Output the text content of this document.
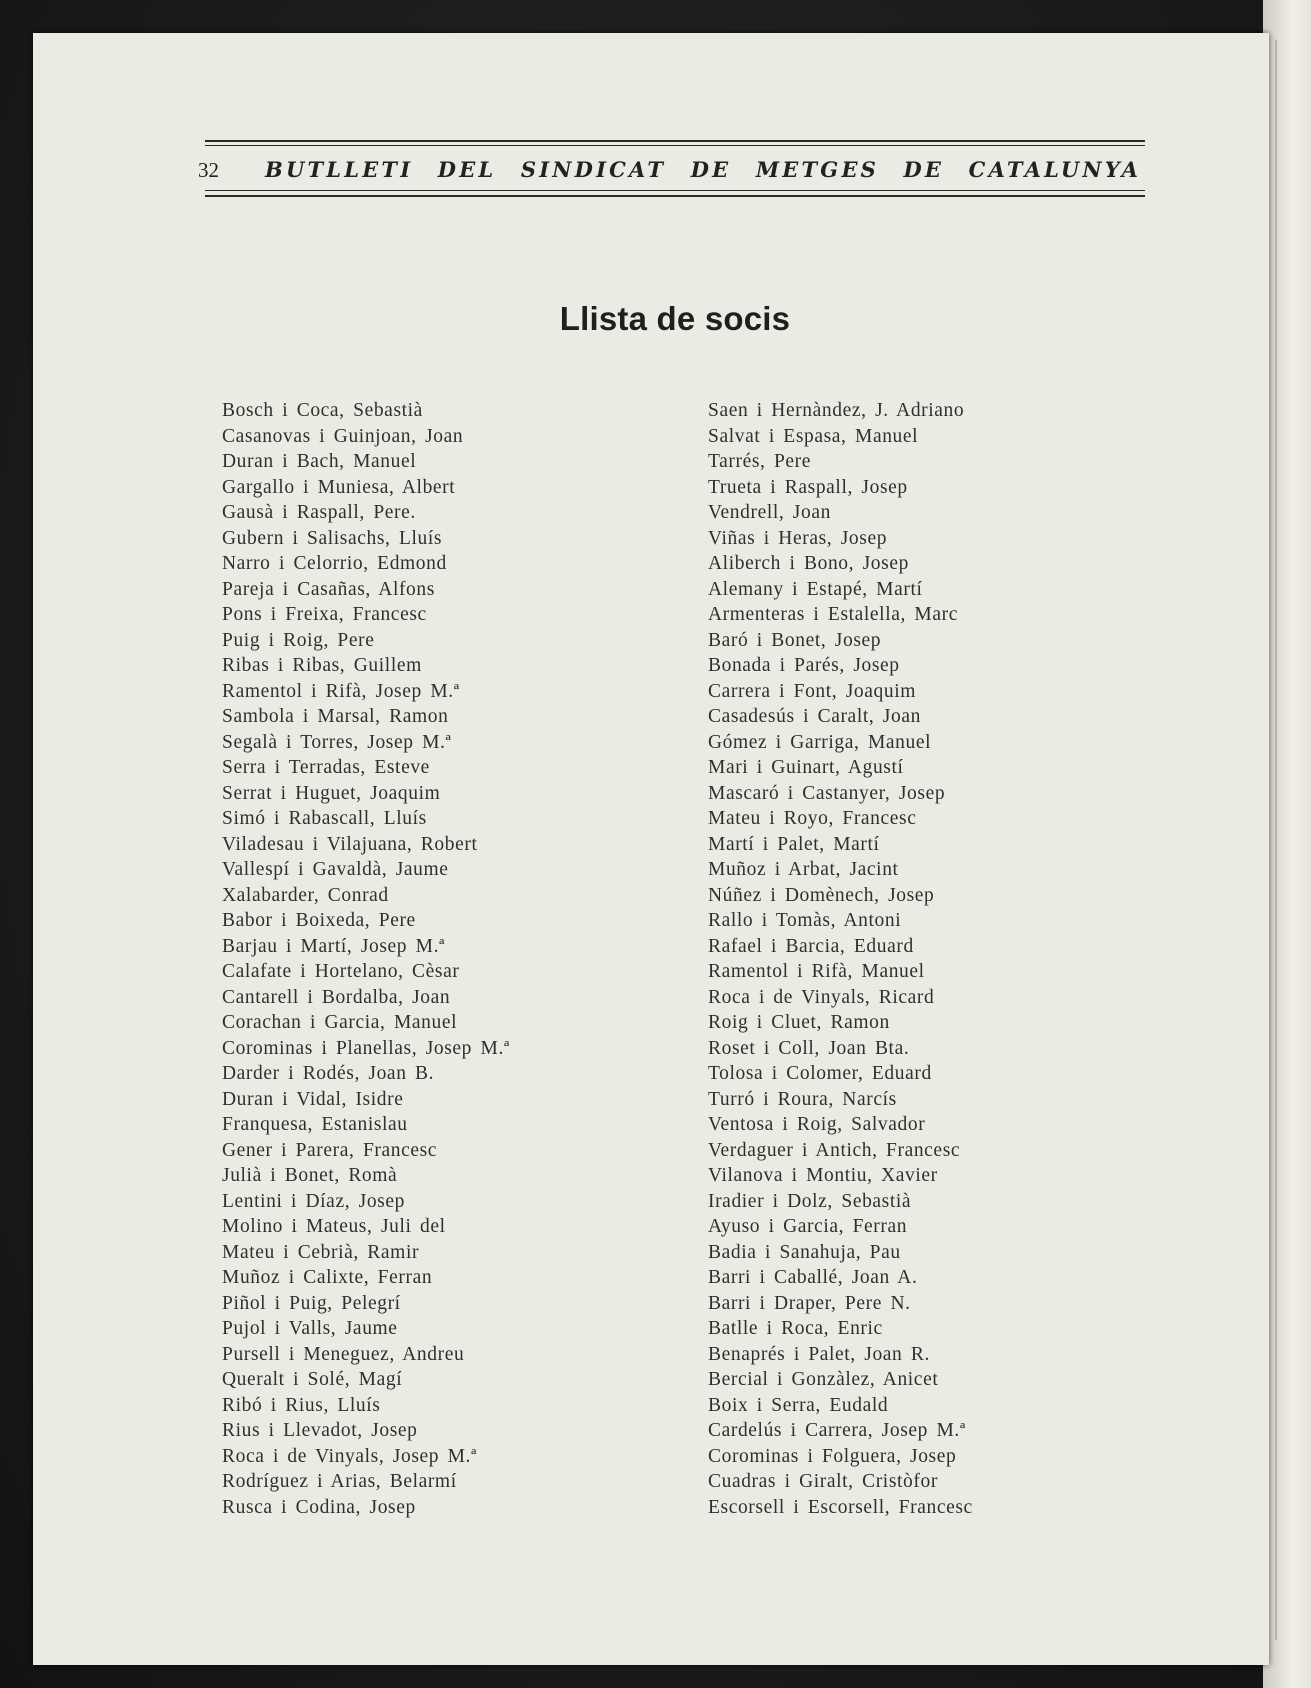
32 BUTLLETI DEL SINDICAT DE METGES DE CATALUNYA
Llista de socis
Bosch i Coca, Sebastià
Casanovas i Guinjoan, Joan
Duran i Bach, Manuel
Gargallo i Muniesa, Albert
Gausà i Raspall, Pere.
Gubern i Salisachs, Lluís
Narro i Celorrio, Edmond
Pareja i Casañas, Alfons
Pons i Freixa, Francesc
Puig i Roig, Pere
Ribas i Ribas, Guillem
Ramentol i Rifà, Josep M.ª
Sambola i Marsal, Ramon
Segalà i Torres, Josep M.ª
Serra i Terradas, Esteve
Serrat i Huguet, Joaquim
Simó i Rabascall, Lluís
Viladesau i Vilajuana, Robert
Vallespí i Gavaldà, Jaume
Xalabarder, Conrad
Babor i Boixeda, Pere
Barjau i Martí, Josep M.ª
Calafate i Hortelano, Cèsar
Cantarell i Bordalba, Joan
Corachan i Garcia, Manuel
Corominas i Planellas, Josep M.ª
Darder i Rodés, Joan B.
Duran i Vidal, Isidre
Franquesa, Estanislau
Gener i Parera, Francesc
Julià i Bonet, Romà
Lentini i Díaz, Josep
Molino i Mateus, Juli del
Mateu i Cebrià, Ramir
Muñoz i Calixte, Ferran
Piñol i Puig, Pelegrí
Pujol i Valls, Jaume
Pursell i Meneguez, Andreu
Queralt i Solé, Magí
Ribó i Rius, Lluís
Rius i Llevadot, Josep
Roca i de Vinyals, Josep M.ª
Rodríguez i Arias, Belarmí
Rusca i Codina, Josep
Saen i Hernàndez, J. Adriano
Salvat i Espasa, Manuel
Tarrés, Pere
Trueta i Raspall, Josep
Vendrell, Joan
Viñas i Heras, Josep
Aliberch i Bono, Josep
Alemany i Estapé, Martí
Armenteras i Estalella, Marc
Baró i Bonet, Josep
Bonada i Parés, Josep
Carrera i Font, Joaquim
Casadesús i Caralt, Joan
Gómez i Garriga, Manuel
Mari i Guinart, Agustí
Mascaró i Castanyer, Josep
Mateu i Royo, Francesc
Martí i Palet, Martí
Muñoz i Arbat, Jacint
Núñez i Domènech, Josep
Rallo i Tomàs, Antoni
Rafael i Barcia, Eduard
Ramentol i Rifà, Manuel
Roca i de Vinyals, Ricard
Roig i Cluet, Ramon
Roset i Coll, Joan Bta.
Tolosa i Colomer, Eduard
Turró i Roura, Narcís
Ventosa i Roig, Salvador
Verdaguer i Antich, Francesc
Vilanova i Montiu, Xavier
Iradier i Dolz, Sebastià
Ayuso i Garcia, Ferran
Badia i Sanahuja, Pau
Barri i Caballé, Joan A.
Barri i Draper, Pere N.
Batlle i Roca, Enric
Benaprés i Palet, Joan R.
Bercial i Gonzàlez, Anicet
Boix i Serra, Eudald
Cardelús i Carrera, Josep M.ª
Corominas i Folguera, Josep
Cuadras i Giralt, Cristòfor
Escorsell i Escorsell, Francesc
